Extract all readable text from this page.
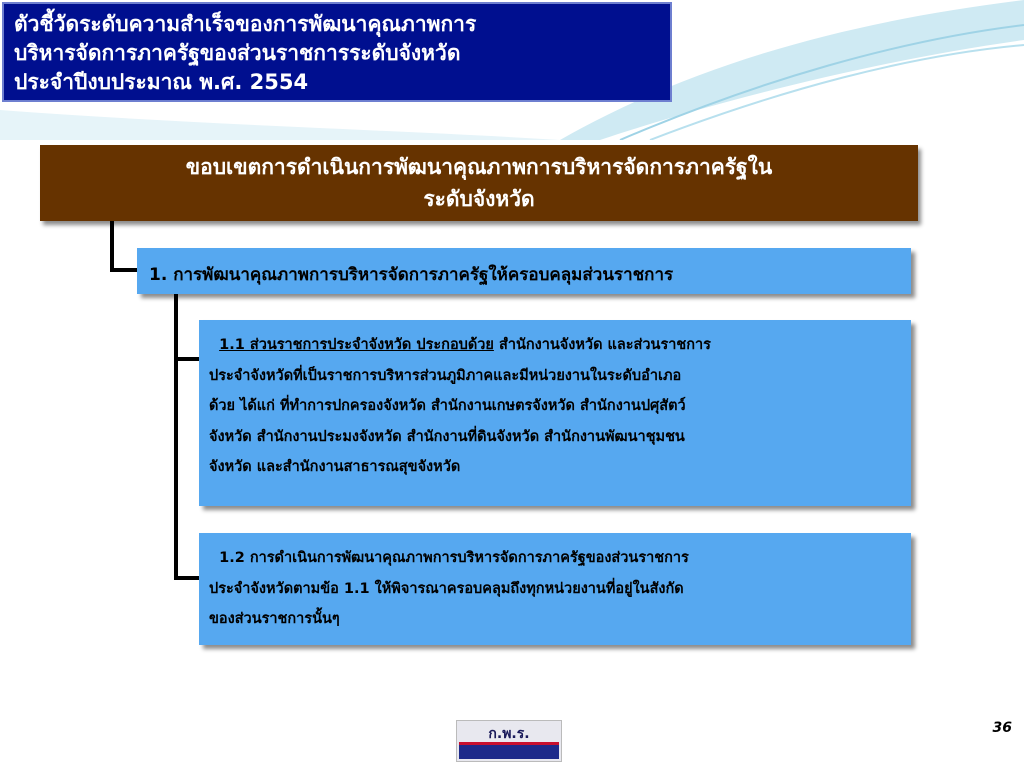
ตัวชี้วัดระดับความสำเร็จของการพัฒนาคุณภาพการ
บริหารจัดการภาครัฐของส่วนราชการระดับจังหวัด
ประจำปีงบประมาณ พ.ศ. 2554
ขอบเขตการดำเนินการพัฒนาคุณภาพการบริหารจัดการภาครัฐใน
ระดับจังหวัด
1. การพัฒนาคุณภาพการบริหารจัดการภาครัฐให้ครอบคลุมส่วนราชการ
1.1 ส่วนราชการประจำจังหวัด ประกอบด้วย สำนักงานจังหวัด และส่วนราชการ
ประจำจังหวัดที่เป็นราชการบริหารส่วนภูมิภาคและมีหน่วยงานในระดับอำเภอ
ด้วย ได้แก่ ที่ทำการปกครองจังหวัด สำนักงานเกษตรจังหวัด สำนักงานปศุสัตว์
จังหวัด สำนักงานประมงจังหวัด สำนักงานที่ดินจังหวัด สำนักงานพัฒนาชุมชน
จังหวัด และสำนักงานสาธารณสุขจังหวัด
1.2 การดำเนินการพัฒนาคุณภาพการบริหารจัดการภาครัฐของส่วนราชการ
ประจำจังหวัดตามข้อ 1.1 ให้พิจารณาครอบคลุมถึงทุกหน่วยงานที่อยู่ในสังกัด
ของส่วนราชการนั้นๆ
ก.พ.ร.	36
